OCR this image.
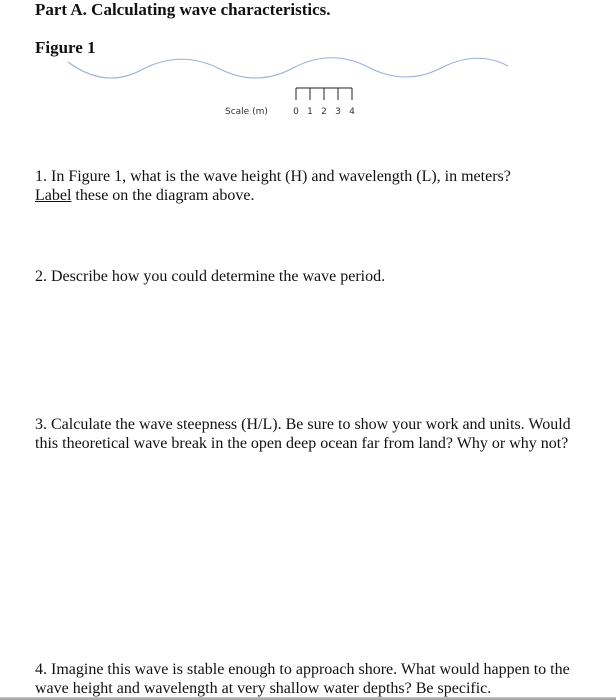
Part A. Calculating wave characteristics.
Figure 1
Scale (m)	0 1 2 3 4
1. In Figure 1, what is the wave height (H) and wavelength (L), in meters?
Label these on the diagram above.
2. Describe how you could determine the wave period.
3. Calculate the wave steepness (H/L). Be sure to show your work and units. Would this theoretical wave break in the open deep ocean far from land? Why or why not?
4. Imagine this wave is stable enough to approach shore. What would happen to the wave height and wavelength at very shallow water depths? Be specific.
